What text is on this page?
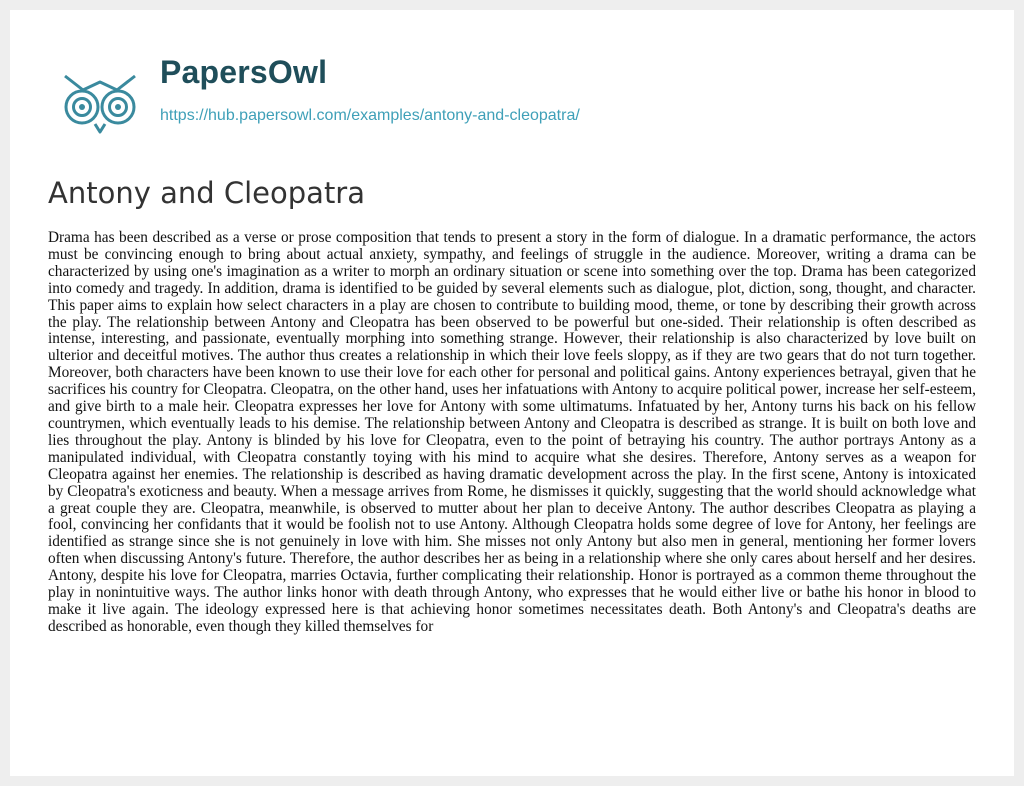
PapersOwl
https://hub.papersowl.com/examples/antony-and-cleopatra/
Antony and Cleopatra

Drama has been described as a verse or prose composition that tends to present a story in the form of dialogue. In a dramatic performance, the actors must be convincing enough to bring about actual anxiety, sympathy, and feelings of struggle in the audience. Moreover, writing a drama can be characterized by using one's imagination as a writer to morph an ordinary situation or scene into something over the top. Drama has been categorized into comedy and tragedy. In addition, drama is identified to be guided by several elements such as dialogue, plot, diction, song, thought, and character. This paper aims to explain how select characters in a play are chosen to contribute to building mood, theme, or tone by describing their growth across the play. The relationship between Antony and Cleopatra has been observed to be powerful but one-sided. Their relationship is often described as intense, interesting, and passionate, eventually morphing into something strange. However, their relationship is also characterized by love built on ulterior and deceitful motives. The author thus creates a relationship in which their love feels sloppy, as if they are two gears that do not turn together. Moreover, both characters have been known to use their love for each other for personal and political gains. Antony experiences betrayal, given that he sacrifices his country for Cleopatra. Cleopatra, on the other hand, uses her infatuations with Antony to acquire political power, increase her self-esteem, and give birth to a male heir. Cleopatra expresses her love for Antony with some ultimatums. Infatuated by her, Antony turns his back on his fellow countrymen, which eventually leads to his demise. The relationship between Antony and Cleopatra is described as strange. It is built on both love and lies throughout the play. Antony is blinded by his love for Cleopatra, even to the point of betraying his country. The author portrays Antony as a manipulated individual, with Cleopatra constantly toying with his mind to acquire what she desires. Therefore, Antony serves as a weapon for Cleopatra against her enemies. The relationship is described as having dramatic development across the play. In the first scene, Antony is intoxicated by Cleopatra's exoticness and beauty. When a message arrives from Rome, he dismisses it quickly, suggesting that the world should acknowledge what a great couple they are. Cleopatra, meanwhile, is observed to mutter about her plan to deceive Antony. The author describes Cleopatra as playing a fool, convincing her confidants that it would be foolish not to use Antony. Although Cleopatra holds some degree of love for Antony, her feelings are identified as strange since she is not genuinely in love with him. She misses not only Antony but also men in general, mentioning her former lovers often when discussing Antony's future. Therefore, the author describes her as being in a relationship where she only cares about herself and her desires. Antony, despite his love for Cleopatra, marries Octavia, further complicating their relationship. Honor is portrayed as a common theme throughout the play in nonintuitive ways. The author links honor with death through Antony, who expresses that he would either live or bathe his honor in blood to make it live again. The ideology expressed here is that achieving honor sometimes necessitates death. Both Antony's and Cleopatra's deaths are described as honorable, even though they killed themselves for
